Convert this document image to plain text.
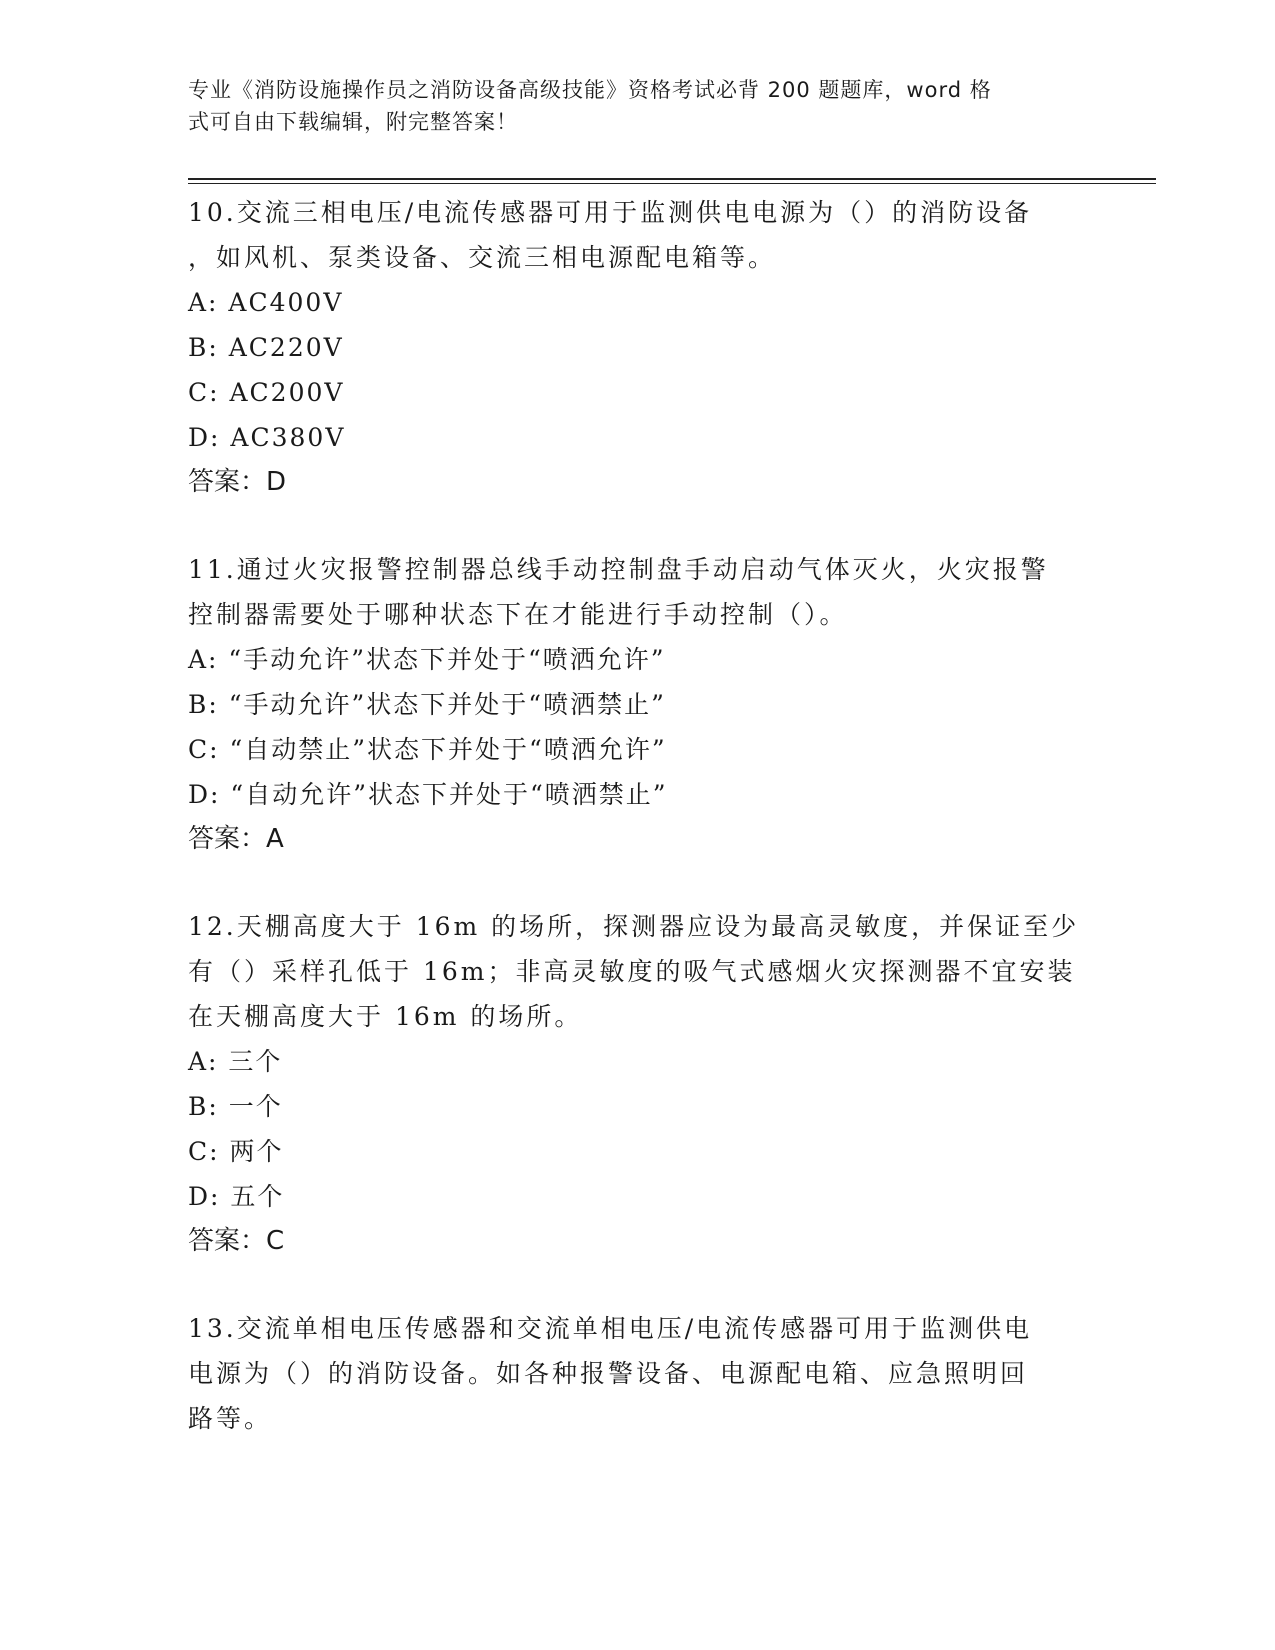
专业《消防设施操作员之消防设备高级技能》资格考试必背 200 题题库，word 格
式可自由下载编辑，附完整答案！

10.交流三相电压/电流传感器可用于监测供电电源为（）的消防设备

，如风机、泵类设备、交流三相电源配电箱等。

A: AC400V

B: AC220V

C: AC200V

D: AC380V

答案：D

11.通过火灾报警控制器总线手动控制盘手动启动气体灭火，火灾报警

控制器需要处于哪种状态下在才能进行手动控制（）。

A: “手动允许”状态下并处于“喷洒允许”

B: “手动允许”状态下并处于“喷洒禁止”

C: “自动禁止”状态下并处于“喷洒允许”

D: “自动允许”状态下并处于“喷洒禁止”

答案：A

12.天棚高度大于 16m 的场所，探测器应设为最高灵敏度，并保证至少

有（）采样孔低于 16m；非高灵敏度的吸气式感烟火灾探测器不宜安装

在天棚高度大于 16m 的场所。

A: 三个

B: 一个

C: 两个

D: 五个

答案：C

13.交流单相电压传感器和交流单相电压/电流传感器可用于监测供电

电源为（）的消防设备。如各种报警设备、电源配电箱、应急照明回

路等。
